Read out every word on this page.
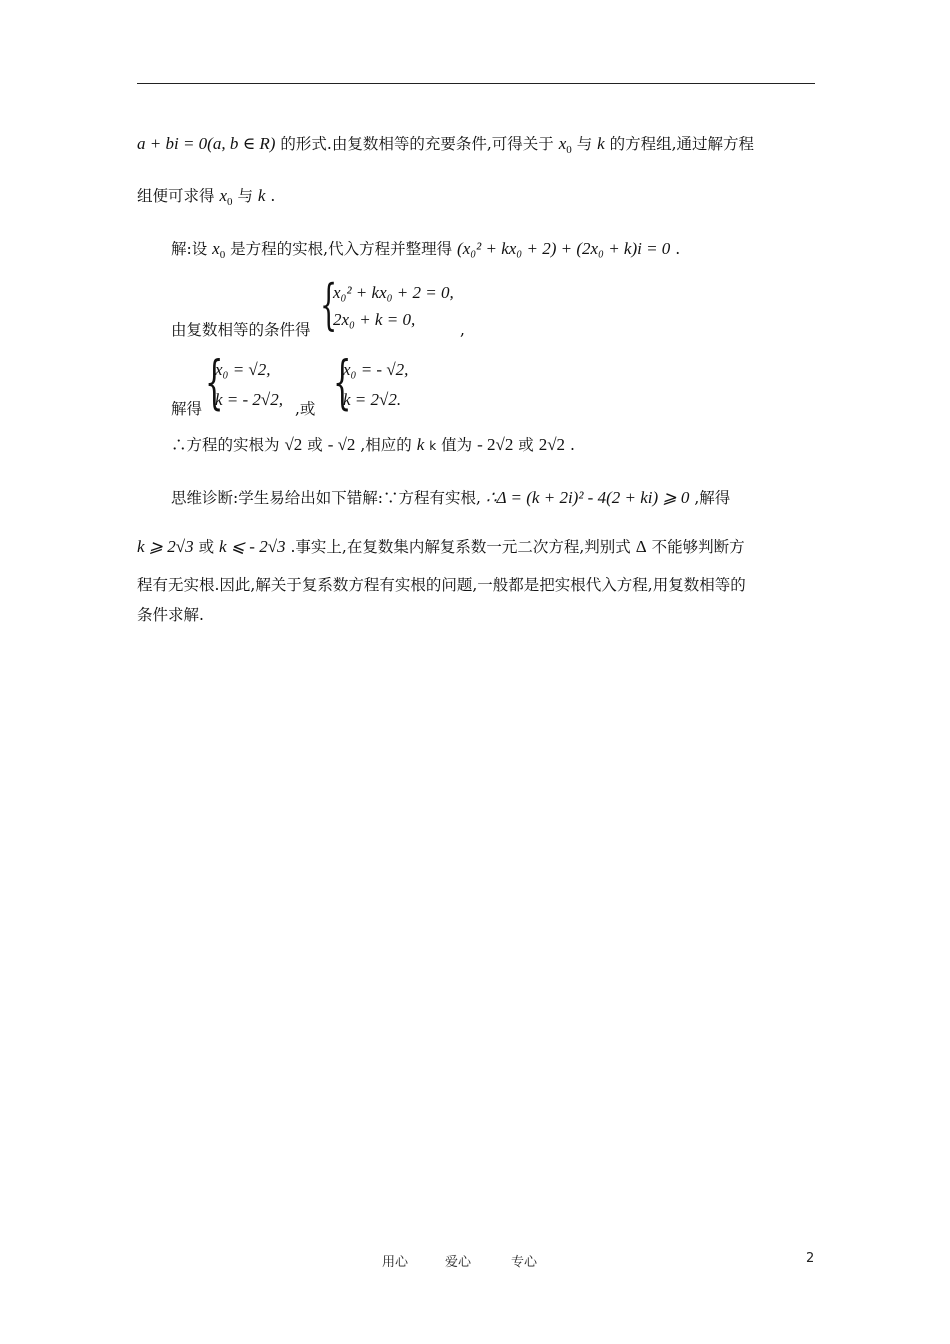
a + bi = 0(a, b ∈ R) 的形式.由复数相等的充要条件,可得关于 $x_0$ 与 k 的方程组,通过解方程
组便可求得 $x_0$ 与 k .
解:设 $x_0$ 是方程的实根,代入方程并整理得 (x₀² + kx₀ + 2) + (2x₀ + k)i = 0 .
由复数相等的条件得 {
x₀² + kx₀ + 2 = 0,
2x₀ + k = 0,
,
解得 {
x₀ = √2,
k = - 2√2, ,或 {
x₀ = - √2,
k = 2√2.
∴方程的实根为 √2 或 - √2 ,相应的 k k 值为 - 2√2 或 2√2 .
思维诊断:学生易给出如下错解:∵方程有实根, ∴Δ = (k + 2i)² - 4(2 + ki) ⩾ 0 ,解得
k ⩾ 2√3 或 k ⩽ - 2√3 .事实上,在复数集内解复系数一元二次方程,判别式 Δ 不能够判断方
程有无实根.因此,解关于复系数方程有实根的问题,一般都是把实根代入方程,用复数相等的
条件求解.
用心	爱心	专心	2
